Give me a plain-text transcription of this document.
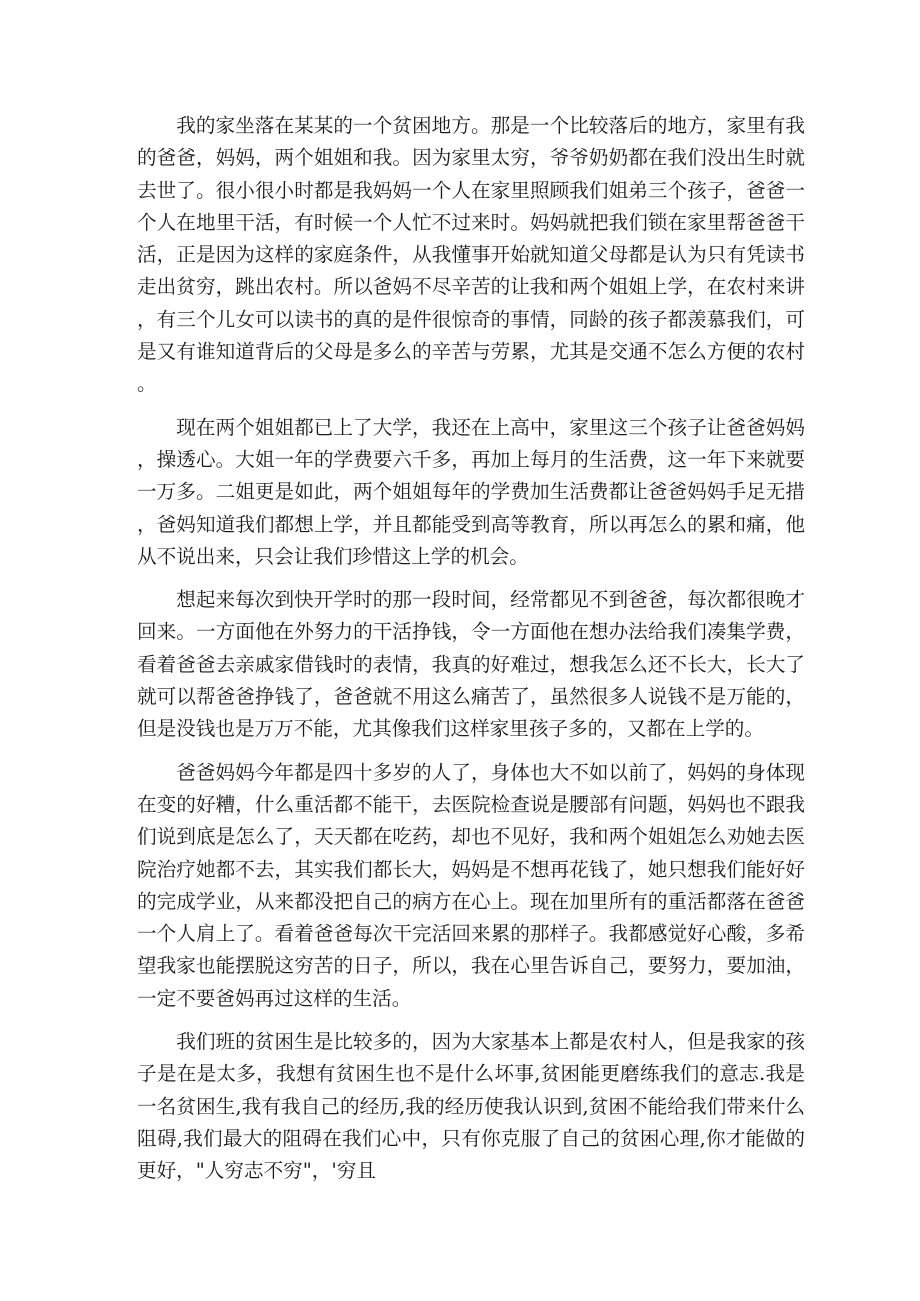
我的家坐落在某某的一个贫困地方。那是一个比较落后的地方，家里有我的爸爸，妈妈，两个姐姐和我。因为家里太穷，爷爷奶奶都在我们没出生时就去世了。很小很小时都是我妈妈一个人在家里照顾我们姐弟三个孩子，爸爸一个人在地里干活，有时候一个人忙不过来时。妈妈就把我们锁在家里帮爸爸干活，正是因为这样的家庭条件，从我懂事开始就知道父母都是认为只有凭读书走出贫穷，跳出农村。所以爸妈不尽辛苦的让我和两个姐姐上学，在农村来讲，有三个儿女可以读书的真的是件很惊奇的事情，同龄的孩子都羡慕我们，可是又有谁知道背后的父母是多么的辛苦与劳累，尤其是交通不怎么方便的农村。

现在两个姐姐都已上了大学，我还在上高中，家里这三个孩子让爸爸妈妈，操透心。大姐一年的学费要六千多，再加上每月的生活费，这一年下来就要一万多。二姐更是如此，两个姐姐每年的学费加生活费都让爸爸妈妈手足无措，爸妈知道我们都想上学，并且都能受到高等教育，所以再怎么的累和痛，他从不说出来，只会让我们珍惜这上学的机会。

想起来每次到快开学时的那一段时间，经常都见不到爸爸，每次都很晚才回来。一方面他在外努力的干活挣钱，令一方面他在想办法给我们凑集学费，看着爸爸去亲戚家借钱时的表情，我真的好难过，想我怎么还不长大，长大了就可以帮爸爸挣钱了，爸爸就不用这么痛苦了，虽然很多人说钱不是万能的，但是没钱也是万万不能，尤其像我们这样家里孩子多的，又都在上学的。

爸爸妈妈今年都是四十多岁的人了，身体也大不如以前了，妈妈的身体现在变的好糟，什么重活都不能干，去医院检查说是腰部有问题，妈妈也不跟我们说到底是怎么了，天天都在吃药，却也不见好，我和两个姐姐怎么劝她去医院治疗她都不去，其实我们都长大，妈妈是不想再花钱了，她只想我们能好好的完成学业，从来都没把自己的病方在心上。现在加里所有的重活都落在爸爸一个人肩上了。看着爸爸每次干完活回来累的那样子。我都感觉好心酸，多希望我家也能摆脱这穷苦的日子，所以，我在心里告诉自己，要努力，要加油，一定不要爸妈再过这样的生活。

我们班的贫困生是比较多的，因为大家基本上都是农村人，但是我家的孩子是在是太多，我想有贫困生也不是什么坏事,贫困能更磨练我们的意志.我是一名贫困生,我有我自己的经历,我的经历使我认识到,贫困不能给我们带来什么阻碍,我们最大的阻碍在我们心中，只有你克服了自己的贫困心理,你才能做的更好，"人穷志不穷"，'穷且
